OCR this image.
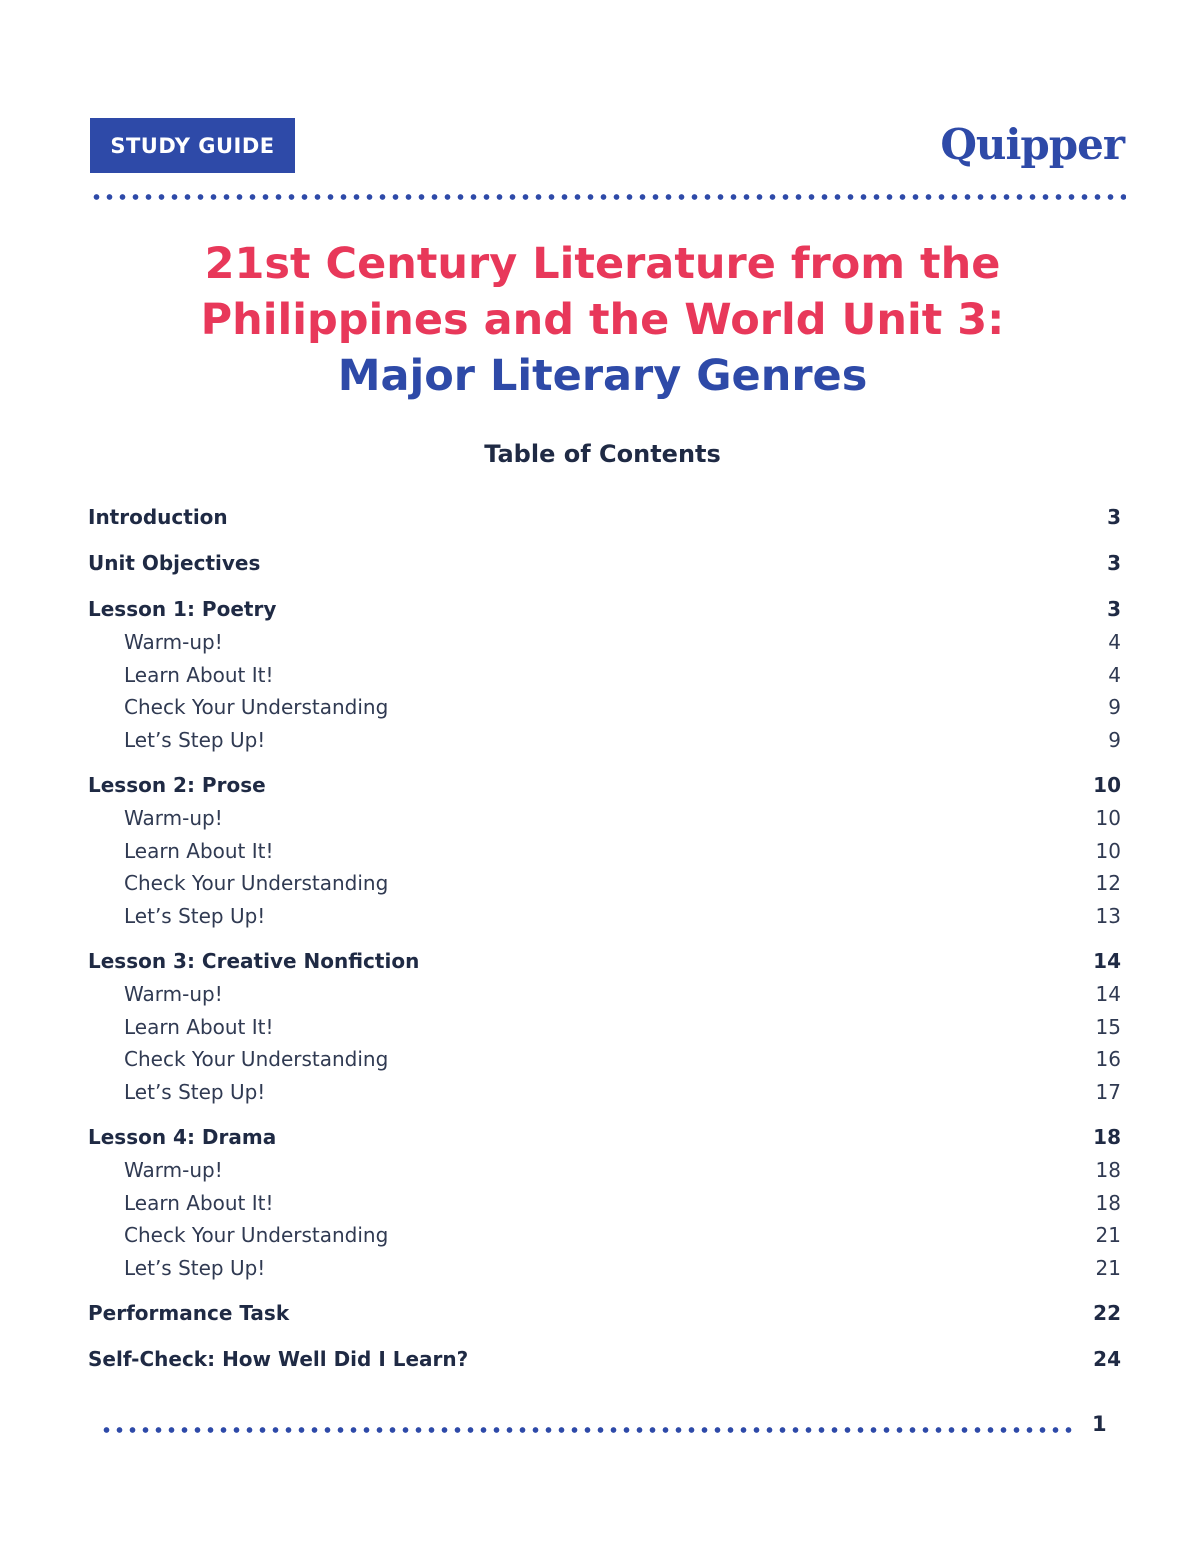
STUDY GUIDE	Quipper
21st Century Literature from the
Philippines and the World Unit 3:
Major Literary Genres
Table of Contents
Introduction	3
Unit Objectives	3
Lesson 1: Poetry	3
Warm-up!	4
Learn About It!	4
Check Your Understanding	9
Let’s Step Up!	9
Lesson 2: Prose	10
Warm-up!	10
Learn About It!	10
Check Your Understanding	12
Let’s Step Up!	13
Lesson 3: Creative Nonfiction	14
Warm-up!	14
Learn About It!	15
Check Your Understanding	16
Let’s Step Up!	17
Lesson 4: Drama	18
Warm-up!	18
Learn About It!	18
Check Your Understanding	21
Let’s Step Up!	21
Performance Task	22
Self-Check: How Well Did I Learn?	24
1
